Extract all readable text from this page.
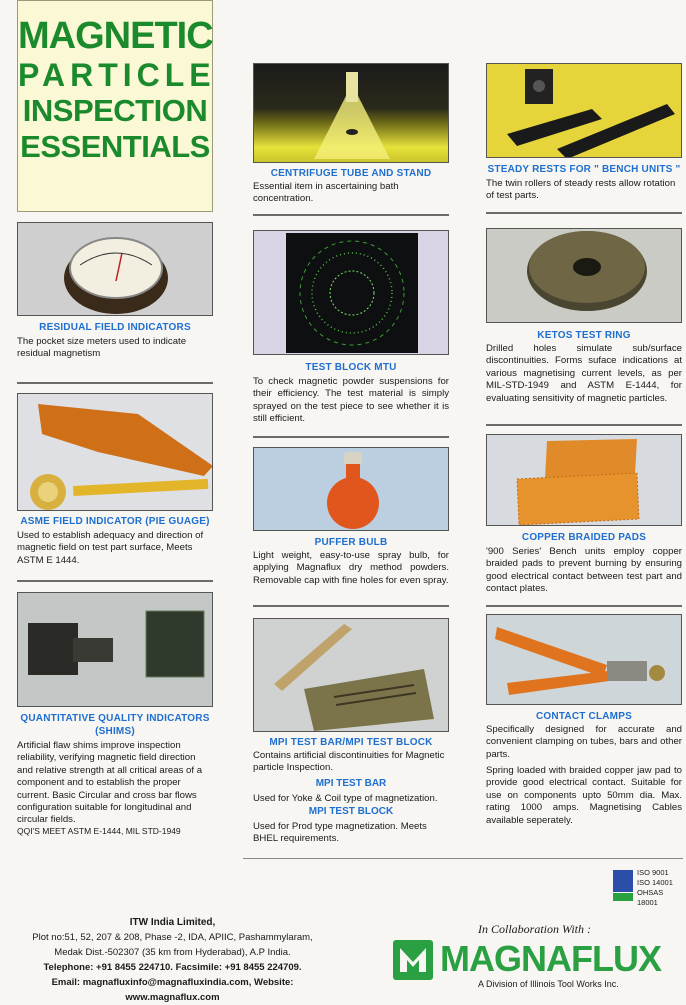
MAGNETIC
PARTICLE
INSPECTION
ESSENTIALS
CENTRIFUGE TUBE AND STAND
Essential item in ascertaining bath concentration.
STEADY RESTS FOR " BENCH UNITS "
The twin rollers of steady rests allow rotation of test parts.
RESIDUAL FIELD INDICATORS
The pocket size meters used to indicate residual magnetism
TEST BLOCK MTU
To check magnetic powder suspensions for their efficiency. The test material is simply sprayed on the test piece to see whether it is still efficient.
KETOS TEST RING
Drilled holes simulate sub/surface discontinuities. Forms suface indications at various magnetising current levels, as per MIL-STD-1949 and ASTM E-1444, for evaluating sensitivity of magnetic particles.
ASME FIELD INDICATOR (PIE GUAGE)
Used to establish adequacy and direction of magnetic field on test part surface, Meets ASTM E 1444.
PUFFER BULB
Light weight, easy-to-use spray bulb, for applying Magnaflux dry method powders. Removable cap with fine holes for even spray.
COPPER BRAIDED PADS
'900 Series' Bench units employ copper braided pads to prevent burning by ensuring good electrical contact between test part and contact plates.
QUANTITATIVE QUALITY INDICATORS
(SHIMS)
Artificial flaw shims improve inspection reliability, verifying magnetic field direction and relative strength at all critical areas of a component and to establish the proper current. Basic Circular and cross bar flows configuration suitable for longitudinal and circular fields.
QQI'S MEET ASTM E-1444, MIL STD-1949
MPI TEST BAR/MPI TEST BLOCK
Contains artificial discontinuities for Magnetic particle Inspection.
MPI TEST BAR
Used for Yoke & Coil type of magnetization.
MPI TEST BLOCK
Used for Prod type magnetization. Meets BHEL requirements.
CONTACT CLAMPS
Specifically designed for accurate and convenient clamping on tubes, bars and other parts.
Spring loaded with braided copper jaw pad to provide good electrical contact. Suitable for use on components upto 50mm dia. Max. rating 1000 amps. Magnetising Cables available seperately.
ISO 9001
ISO 14001
OHSAS 18001
ITW India Limited,
Plot no:51, 52, 207 & 208, Phase -2, IDA, APIIC, Pashammylaram,
Medak Dist.-502307 (35 km from Hyderabad), A.P India.
Telephone: +91 8455 224710. Facsimile: +91 8455 224709.
Email: magnafluxinfo@magnafluxindia.com, Website: www.magnaflux.com
In Collaboration With :
MAGNAFLUX
A Division of Illinois Tool Works Inc.
